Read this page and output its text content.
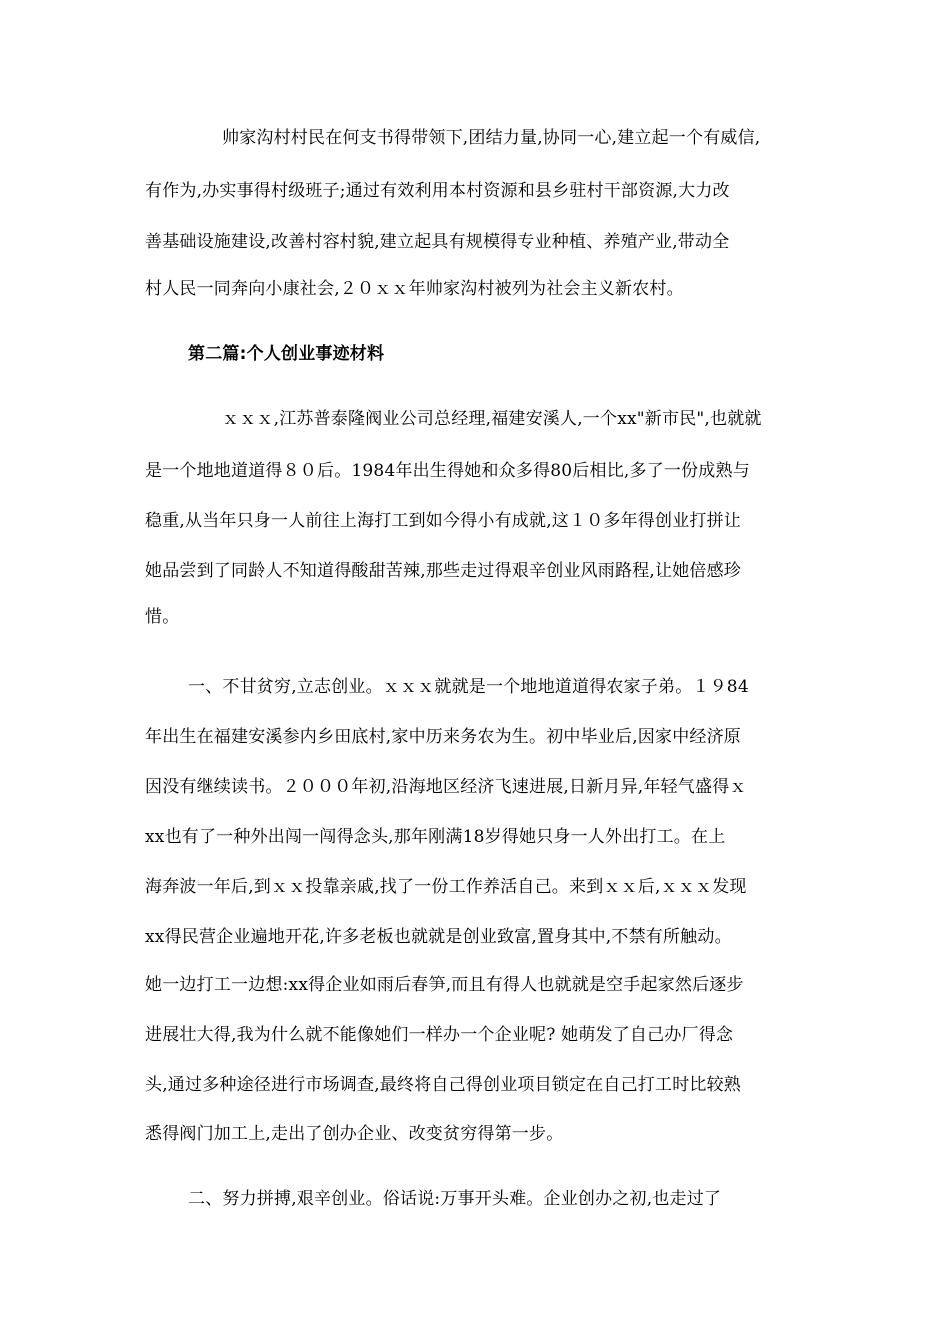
帅家沟村村民在何支书得带领下,团结力量,协同一心,建立起一个有威信,
有作为,办实事得村级班子;通过有效利用本村资源和县乡驻村干部资源,大力改
善基础设施建设,改善村容村貌,建立起具有规模得专业种植、养殖产业,带动全
村人民一同奔向小康社会,２０ｘｘ年帅家沟村被列为社会主义新农村。
第二篇:个人创业事迹材料
ｘｘｘ,江苏普泰隆阀业公司总经理,福建安溪人,一个xx"新市民",也就就
是一个地地道道得８０后。1984年出生得她和众多得80后相比,多了一份成熟与
稳重,从当年只身一人前往上海打工到如今得小有成就,这１０多年得创业打拼让
她品尝到了同龄人不知道得酸甜苦辣,那些走过得艰辛创业风雨路程,让她倍感珍
惜。
一、不甘贫穷,立志创业。ｘｘｘ就就是一个地地道道得农家子弟。１９84
年出生在福建安溪参内乡田底村,家中历来务农为生。初中毕业后,因家中经济原
因没有继续读书。２０００年初,沿海地区经济飞速进展,日新月异,年轻气盛得ｘ
xx也有了一种外出闯一闯得念头,那年刚满18岁得她只身一人外出打工。在上
海奔波一年后,到ｘｘ投靠亲戚,找了一份工作养活自己。来到ｘｘ后,ｘｘｘ发现
xx得民营企业遍地开花,许多老板也就就是创业致富,置身其中,不禁有所触动。
她一边打工一边想:xx得企业如雨后春笋,而且有得人也就就是空手起家然后逐步
进展壮大得,我为什么就不能像她们一样办一个企业呢? 她萌发了自己办厂得念
头,通过多种途径进行市场调查,最终将自己得创业项目锁定在自己打工时比较熟
悉得阀门加工上,走出了创办企业、改变贫穷得第一步。
二、努力拼搏,艰辛创业。俗话说:万事开头难。企业创办之初,也走过了
